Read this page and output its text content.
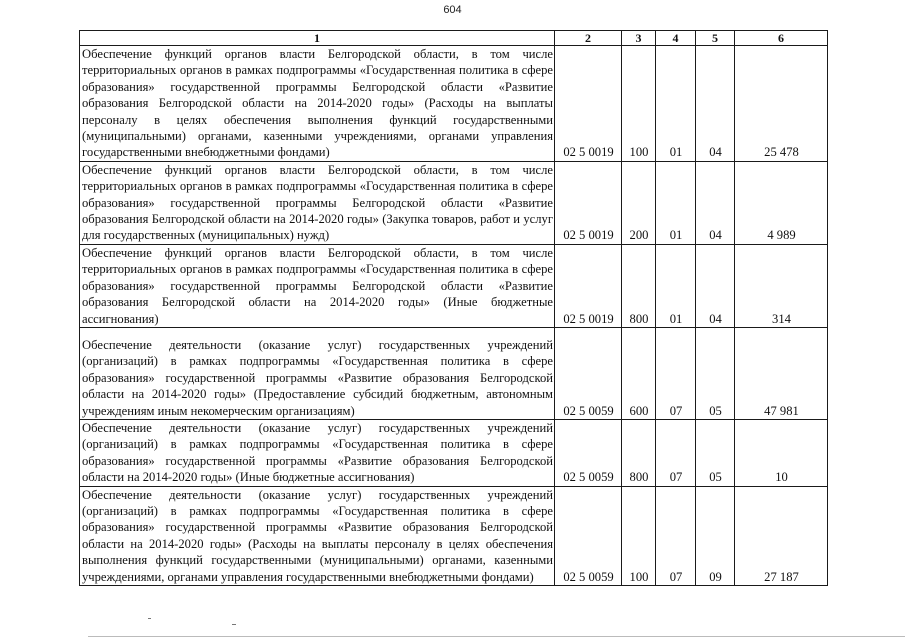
604
1	2	3	4	5	6
Обеспечение функций органов власти Белгородской области, в том числе территориальных органов в рамках подпрограммы «Государственная политика в сфере образования» государственной программы Белгородской области «Развитие образования Белгородской области на 2014-2020 годы» (Расходы на выплаты персоналу в целях обеспечения выполнения функций государственными (муниципальными) органами, казенными учреждениями, органами управления государственными внебюджетными фондами)	02 5 0019	100	01	04	25 478
Обеспечение функций органов власти Белгородской области, в том числе территориальных органов в рамках подпрограммы «Государственная политика в сфере образования» государственной программы Белгородской области «Развитие образования Белгородской области на 2014-2020 годы» (Закупка товаров, работ и услуг для государственных (муниципальных) нужд)	02 5 0019	200	01	04	4 989
Обеспечение функций органов власти Белгородской области, в том числе территориальных органов в рамках подпрограммы «Государственная политика в сфере образования» государственной программы Белгородской области «Развитие образования Белгородской области на 2014-2020 годы» (Иные бюджетные ассигнования)	02 5 0019	800	01	04	314
Обеспечение деятельности (оказание услуг) государственных учреждений (организаций) в рамках подпрограммы «Государственная политика в сфере образования» государственной программы «Развитие образования Белгородской области на 2014-2020 годы» (Предоставление субсидий бюджетным, автономным учреждениям иным некомерческим организациям)	02 5 0059	600	07	05	47 981
Обеспечение деятельности (оказание услуг) государственных учреждений (организаций) в рамках подпрограммы «Государственная политика в сфере образования» государственной программы «Развитие образования Белгородской области на 2014-2020 годы» (Иные бюджетные ассигнования)	02 5 0059	800	07	05	10
Обеспечение деятельности (оказание услуг) государственных учреждений (организаций) в рамках подпрограммы «Государственная политика в сфере образования» государственной программы «Развитие образования Белгородской области на 2014-2020 годы» (Расходы на выплаты персоналу в целях обеспечения выполнения функций государственными (муниципальными) органами, казенными учреждениями, органами управления государственными внебюджетными фондами)	02 5 0059	100	07	09	27 187
